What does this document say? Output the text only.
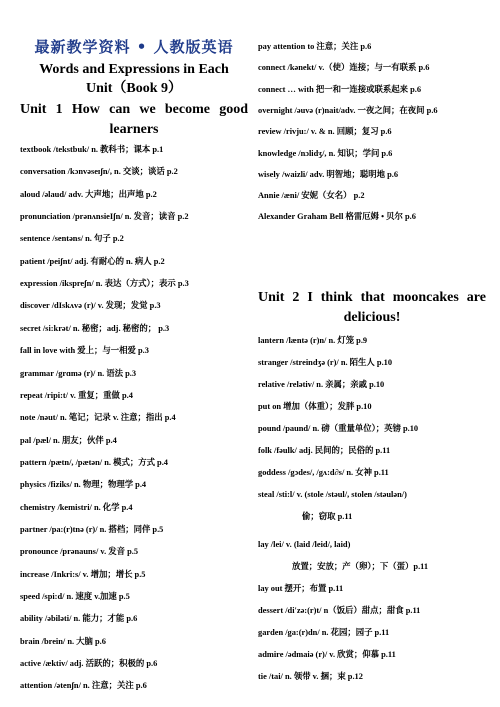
最新教学资料 • 人教版英语
Words and Expressions in Each
Unit（Book 9）
Unit 1 How can we become good
learners
textbook /tekstbuk/ n. 教科书；课本 p.1
conversation /kɔnvəseɪʃn/, n. 交谈；谈话 p.2
aloud /əlaud/ adv. 大声地；出声地 p.2
pronunciation /prənʌnsieIʃn/ n. 发音；读音 p.2
sentence /sentəns/ n. 句子 p.2
patient /peiʃnt/ adj. 有耐心的 n. 病人 p.2
expression /ikspreʃn/ n. 表达（方式）；表示 p.3
discover /dIskʌvə (r)/ v. 发现；发觉 p.3
secret /si:krət/ n. 秘密；adj. 秘密的； p.3
fall in love with 爱上；与一相爱 p.3
grammar /grɑmə (r)/ n. 语法 p.3
repeat /ripi:t/ v. 重复；重做 p.4
note /nəut/ n. 笔记；记录 v. 注意；指出 p.4
pal /pæl/ n. 朋友；伙伴 p.4
pattern /pætn/, /pætən/ n. 模式；方式 p.4
physics /fiziks/ n. 物理；物理学 p.4
chemistry /kemistri/ n. 化学 p.4
partner /pa:(r)tnə (r)/ n. 搭档；同伴 p.5
pronounce /prənauns/ v. 发音 p.5
increase /Inkri:s/ v. 增加；增长 p.5
speed /spi:d/ n. 速度 v.加速 p.5
ability /əbiləti/ n. 能力；才能 p.6
brain /brein/ n. 大脑 p.6
active /æktiv/ adj. 活跃的；积极的 p.6
attention /ətenʃn/ n. 注意；关注 p.6
pay attention to 注意；关注 p.6
connect /kənekt/ v.（使）连接；与一有联系 p.6
connect … with 把一和一连接或联系起来 p.6
overnight /əuvə (r)nait/adv. 一夜之间；在夜间 p.6
review /rivju:/ v. & n. 回顾；复习 p.6
knowledge /nɔlidʒ/, n. 知识；学问 p.6
wisely /waizli/ adv. 明智地；聪明地 p.6
Annie /æni/ 安妮（女名） p.2
Alexander Graham Bell 格雷厄姆 • 贝尔 p.6
Unit 2 I think that mooncakes are
delicious!
lantern /læntə (r)n/ n. 灯笼 p.9
stranger /streindʒə (r)/ n. 陌生人 p.10
relative /relətiv/ n. 亲属；亲戚 p.10
put on 增加（体重）；发胖 p.10
pound /paund/ n. 磅（重量单位）；英镑 p.10
folk /fəulk/ adj. 民间的；民俗的 p.11
goddess /gɔdes/, /gʌ:d∂s/ n. 女神 p.11
steal /sti:l/ v. (stole /stəul/, stolen /stəulən/)
偷；窃取 p.11
lay /lei/ v. (laid /leid/, laid)
放置；安放；产（卵）；下（蛋）p.11
lay out 摆开；布置 p.11
dessert /di'zə:(r)t/ n（饭后）甜点；甜食 p.11
garden /ga:(r)dn/ n. 花园；园子 p.11
admire /ədmaiə (r)/ v. 欣赏；仰慕 p.11
tie /tai/ n. 领带 v. 捆；束 p.12
